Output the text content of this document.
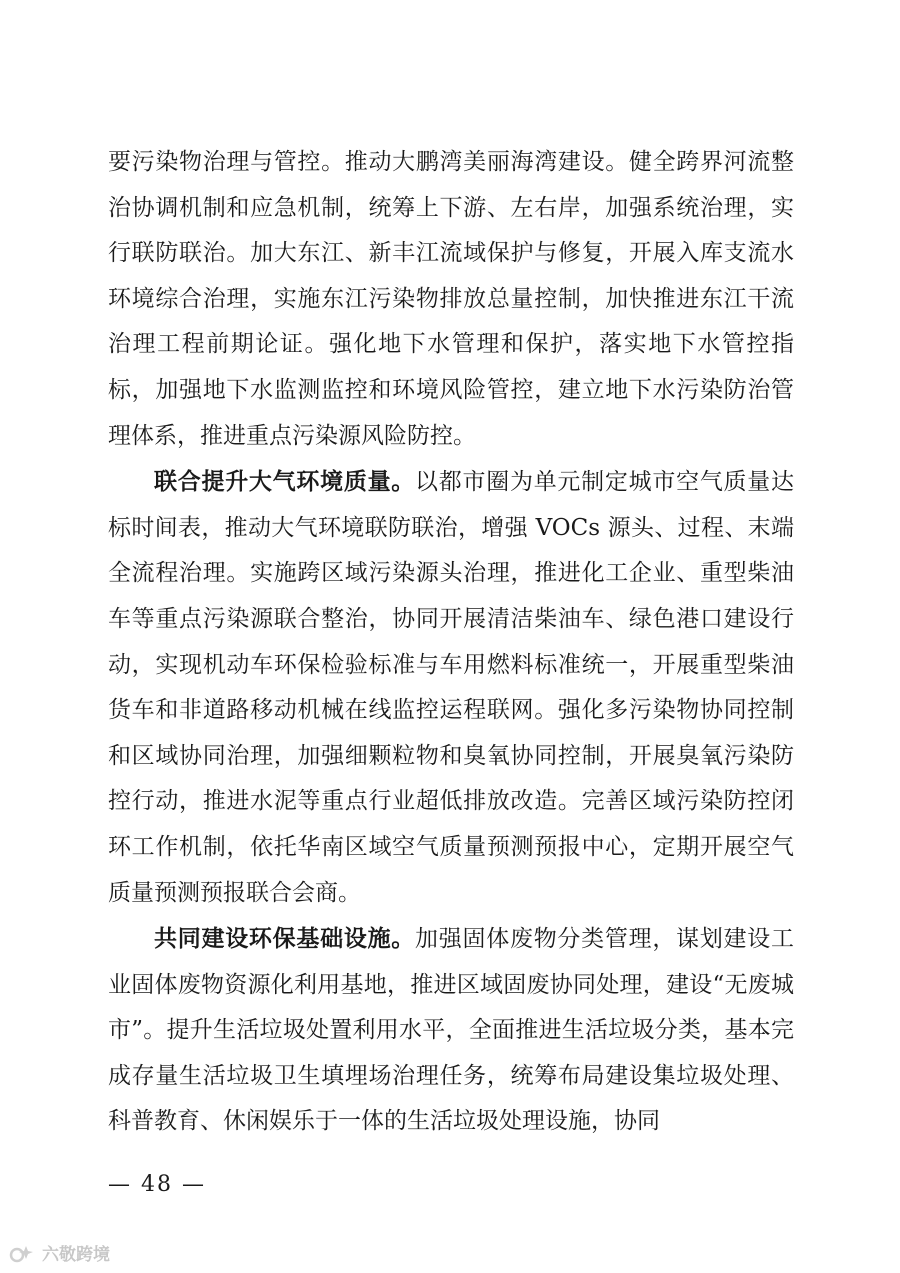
要污染物治理与管控。推动大鹏湾美丽海湾建设。健全跨界河流整治协调机制和应急机制，统筹上下游、左右岸，加强系统治理，实行联防联治。加大东江、新丰江流域保护与修复，开展入库支流水环境综合治理，实施东江污染物排放总量控制，加快推进东江干流治理工程前期论证。强化地下水管理和保护，落实地下水管控指标，加强地下水监测监控和环境风险管控，建立地下水污染防治管理体系，推进重点污染源风险防控。

联合提升大气环境质量。以都市圈为单元制定城市空气质量达标时间表，推动大气环境联防联治，增强 VOCs 源头、过程、末端全流程治理。实施跨区域污染源头治理，推进化工企业、重型柴油车等重点污染源联合整治，协同开展清洁柴油车、绿色港口建设行动，实现机动车环保检验标准与车用燃料标准统一，开展重型柴油货车和非道路移动机械在线监控运程联网。强化多污染物协同控制和区域协同治理，加强细颗粒物和臭氧协同控制，开展臭氧污染防控行动，推进水泥等重点行业超低排放改造。完善区域污染防控闭环工作机制，依托华南区域空气质量预测预报中心，定期开展空气质量预测预报联合会商。

共同建设环保基础设施。加强固体废物分类管理，谋划建设工业固体废物资源化利用基地，推进区域固废协同处理，建设“无废城市”。提升生活垃圾处置利用水平，全面推进生活垃圾分类，基本完成存量生活垃圾卫生填埋场治理任务，统筹布局建设集垃圾处理、科普教育、休闲娱乐于一体的生活垃圾处理设施，协同

— 48 —
六敬跨境
